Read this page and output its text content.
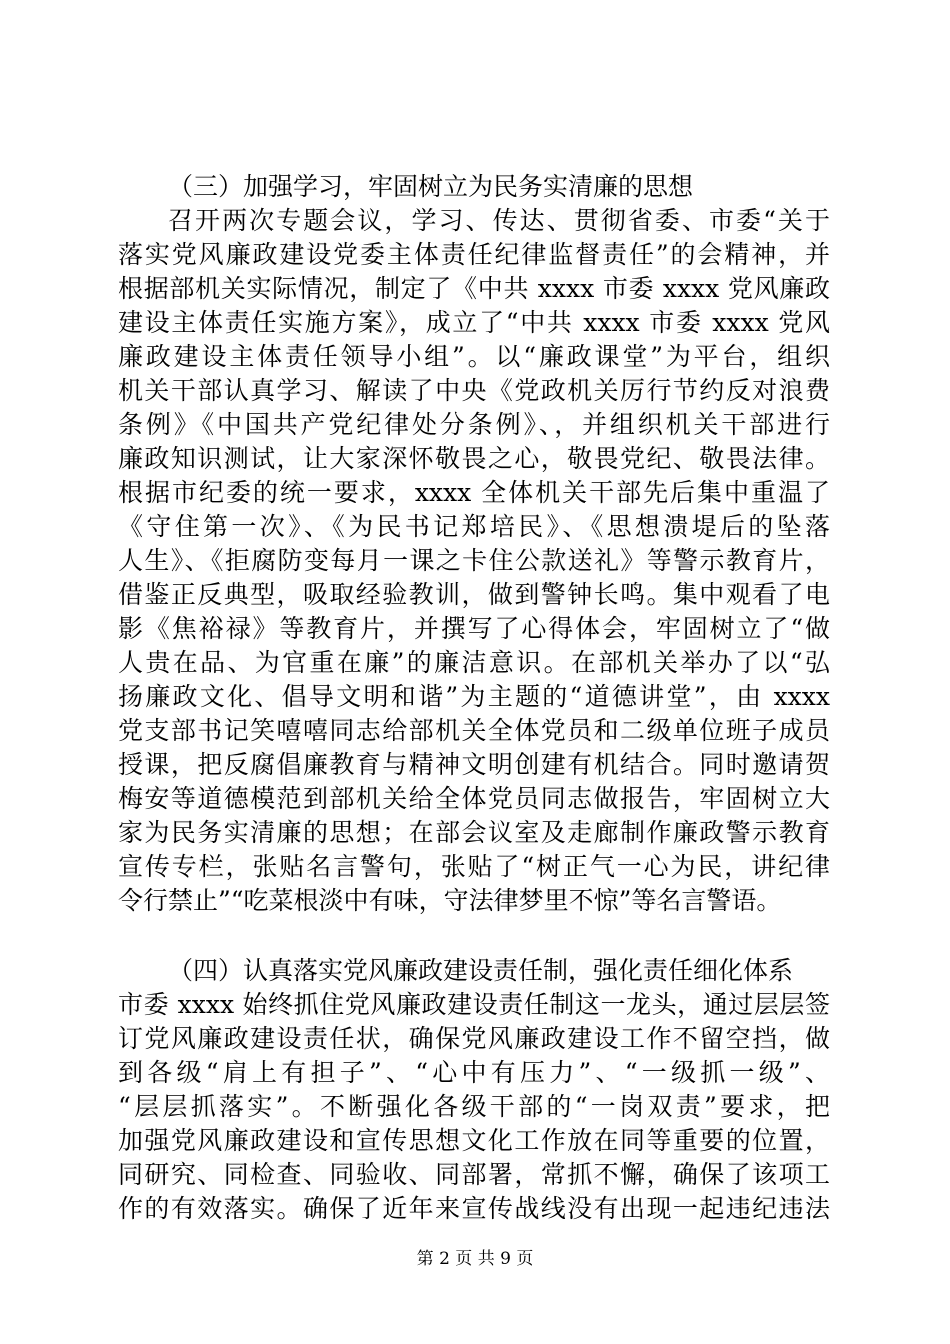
（三）加强学习，牢固树立为民务实清廉的思想
召开两次专题会议，学习、传达、贯彻省委、市委“关于
落实党风廉政建设党委主体责任纪律监督责任”的会精神，并
根据部机关实际情况，制定了《中共 xxxx 市委 xxxx 党风廉政
建设主体责任实施方案》，成立了“中共 xxxx 市委 xxxx 党风
廉政建设主体责任领导小组”。以“廉政课堂”为平台，组织
机关干部认真学习、解读了中央《党政机关厉行节约反对浪费
条例》《中国共产党纪律处分条例》、，并组织机关干部进行
廉政知识测试，让大家深怀敬畏之心，敬畏党纪、敬畏法律。
根据市纪委的统一要求，xxxx 全体机关干部先后集中重温了
《守住第一次》、《为民书记郑培民》、《思想溃堤后的坠落
人生》、《拒腐防变每月一课之卡住公款送礼》等警示教育片，
借鉴正反典型，吸取经验教训，做到警钟长鸣。集中观看了电
影《焦裕禄》等教育片，并撰写了心得体会，牢固树立了“做
人贵在品、为官重在廉”的廉洁意识。在部机关举办了以“弘
扬廉政文化、倡导文明和谐”为主题的“道德讲堂”，由 xxxx
党支部书记笑嘻嘻同志给部机关全体党员和二级单位班子成员
授课，把反腐倡廉教育与精神文明创建有机结合。同时邀请贺
梅安等道德模范到部机关给全体党员同志做报告，牢固树立大
家为民务实清廉的思想；在部会议室及走廊制作廉政警示教育
宣传专栏，张贴名言警句，张贴了“树正气一心为民，讲纪律
令行禁止”“吃菜根淡中有味，守法律梦里不惊”等名言警语。
（四）认真落实党风廉政建设责任制，强化责任细化体系
市委 xxxx 始终抓住党风廉政建设责任制这一龙头，通过层层签
订党风廉政建设责任状，确保党风廉政建设工作不留空挡，做
到各级“肩上有担子”、“心中有压力”、“一级抓一级”、
“层层抓落实”。不断强化各级干部的“一岗双责”要求，把
加强党风廉政建设和宣传思想文化工作放在同等重要的位置，
同研究、同检查、同验收、同部署，常抓不懈，确保了该项工
作的有效落实。确保了近年来宣传战线没有出现一起违纪违法
第 2 页 共 9 页
